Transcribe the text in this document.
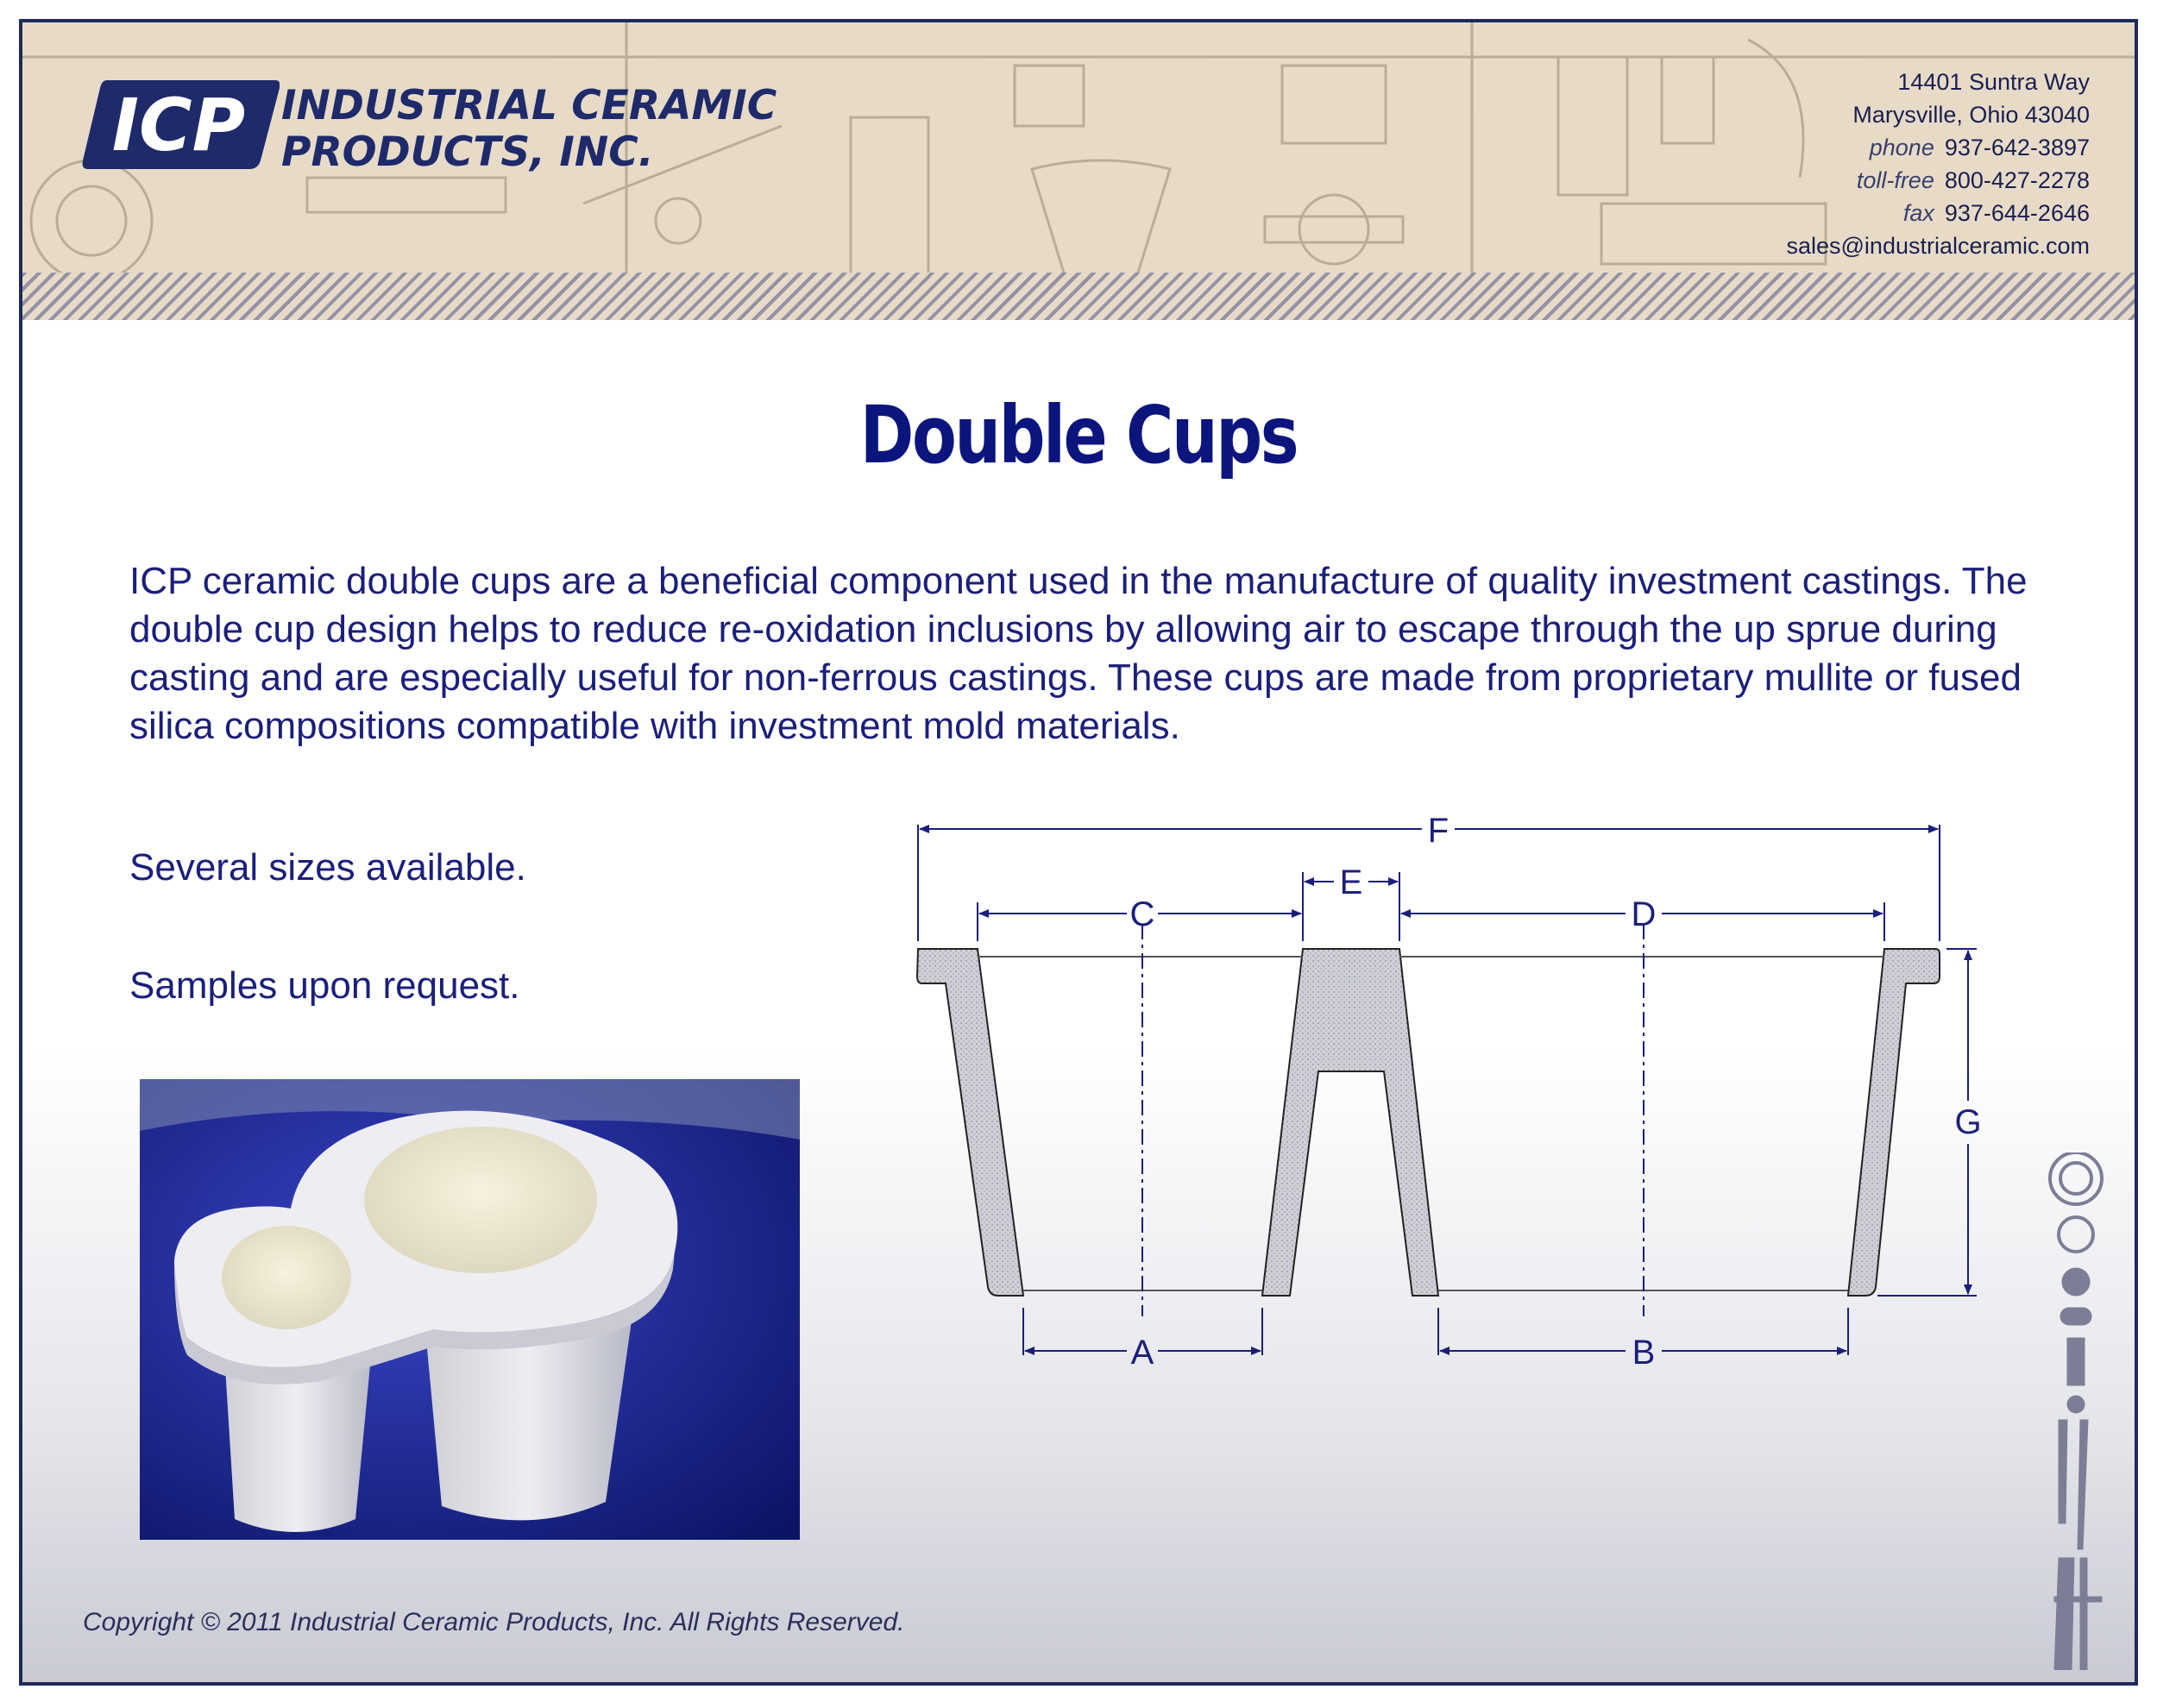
ICP INDUSTRIAL CERAMIC
PRODUCTS, INC.
14401 Suntra Way
Marysville, Ohio 43040
phone 937-642-3897
toll-free 800-427-2278
fax 937-644-2646
sales@industrialceramic.com
Double Cups
ICP ceramic double cups are a beneficial component used in the manufacture of quality investment castings. The double cup design helps to reduce re-oxidation inclusions by allowing air to escape through the up sprue during casting and are especially useful for non-ferrous castings. These cups are made from proprietary mullite or fused silica compositions compatible with investment mold materials.
Several sizes available.
Samples upon request.
F
E
C	D
G
A	B
Copyright © 2011 Industrial Ceramic Products, Inc. All Rights Reserved.
